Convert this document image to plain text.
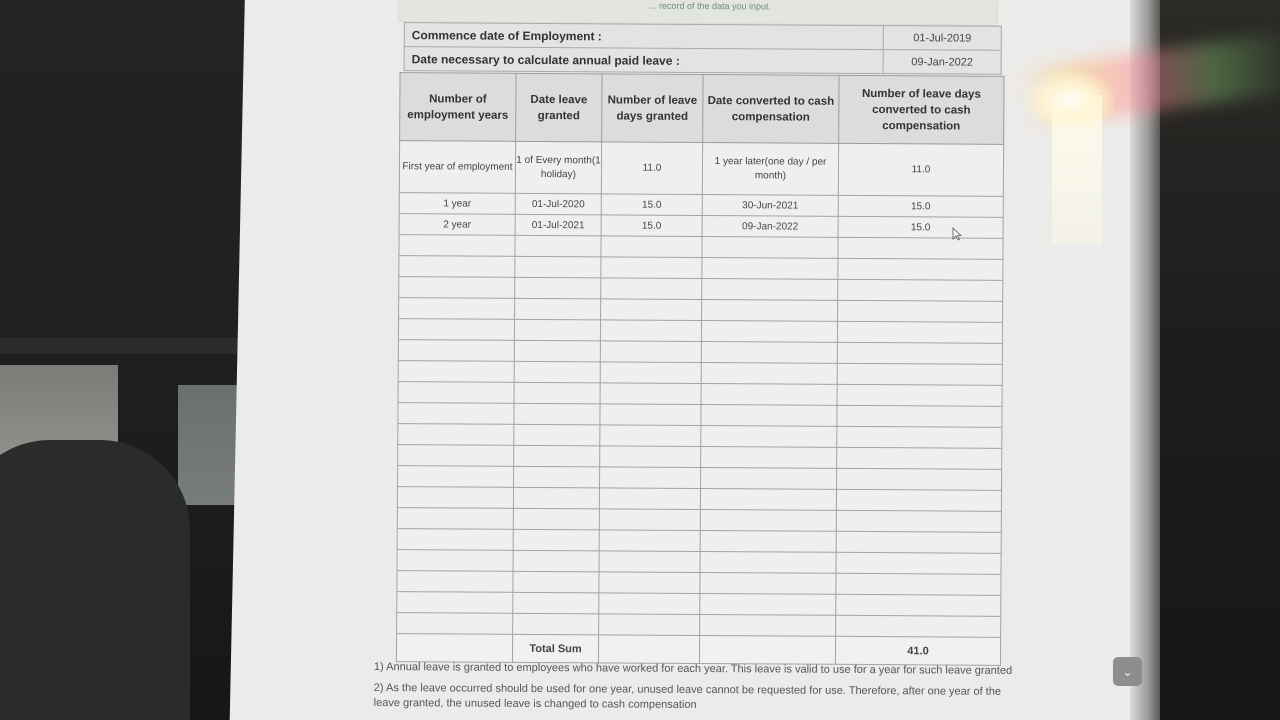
... record of the data you input.
Commence date of Employment :	01-Jul-2019
Date necessary to calculate annual paid leave :	09-Jan-2022
Number of employment years	Date leave granted	Number of leave days granted	Date converted to cash compensation	Number of leave days converted to cash compensation
First year of employment	1 of Every month(1 holiday)	11.0	1 year later(one day / per month)	11.0
1 year	01-Jul-2020	15.0	30-Jun-2021	15.0
2 year	01-Jul-2021	15.0	09-Jan-2022	15.0

	Total Sum			41.0

1) Annual leave is granted to employees who have worked for each year. This leave is valid to use for a year for such leave granted

2) As the leave occurred should be used for one year, unused leave cannot be requested for use. Therefore, after one year of the leave granted, the unused leave is changed to cash compensation

⌄
